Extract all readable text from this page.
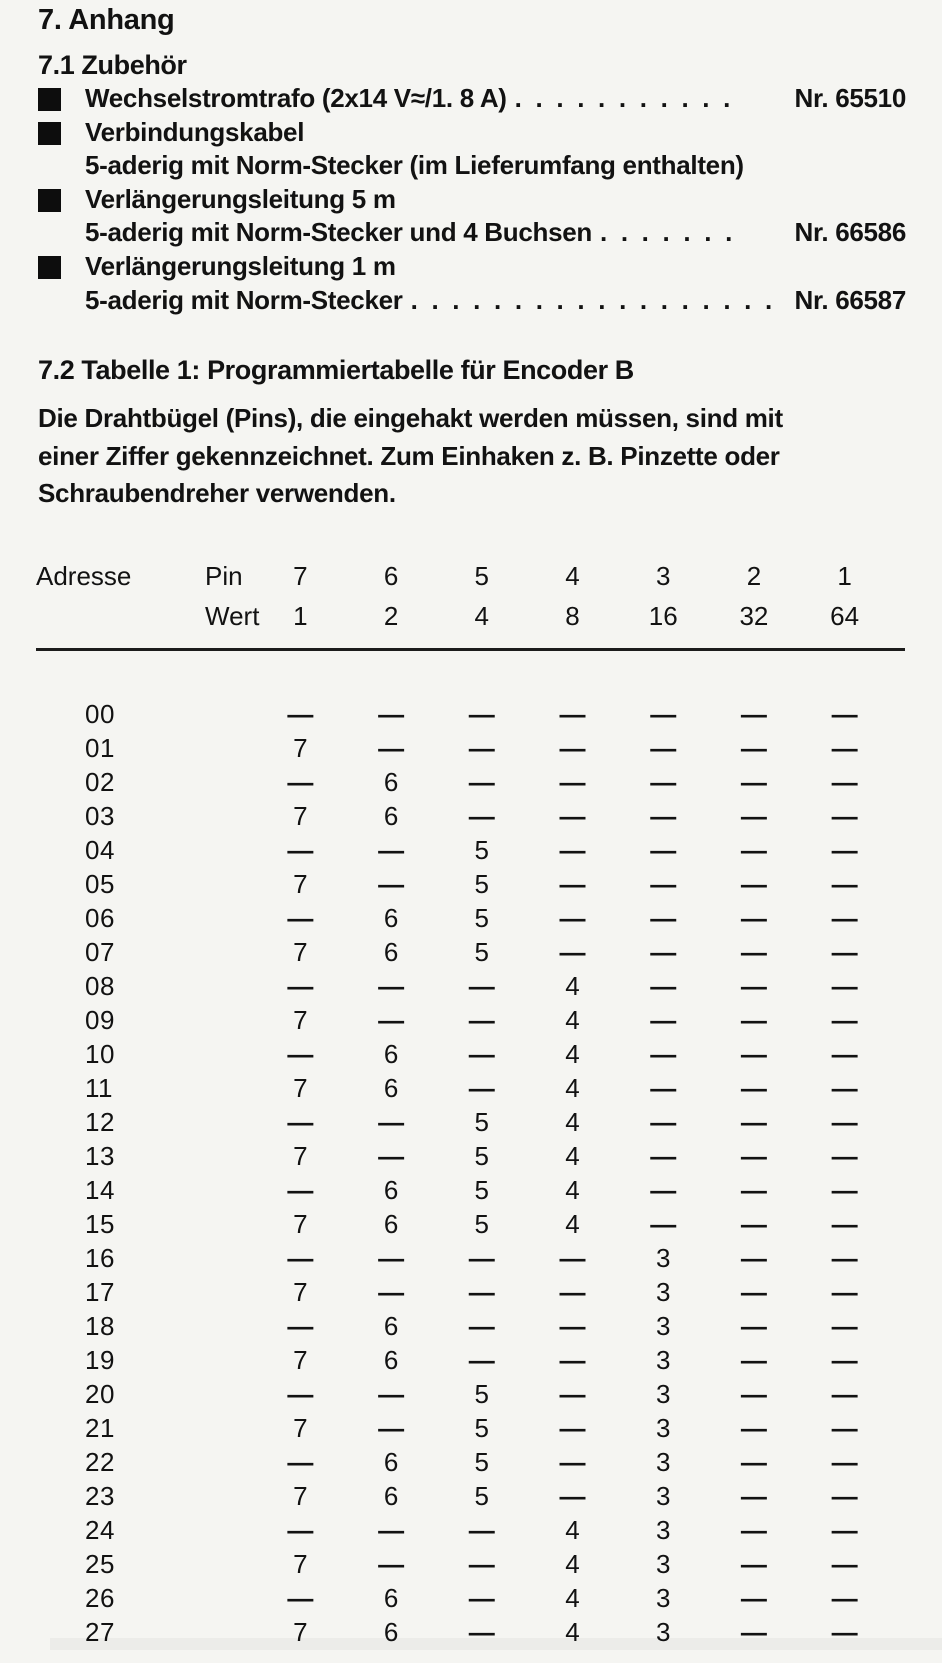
7. Anhang
7.1 Zubehör
Wechselstromtrafo (2x14 V≈/1. 8 A) . . . . . . . . . . .	Nr. 65510
Verbindungskabel
5-aderig mit Norm-Stecker (im Lieferumfang enthalten)
Verlängerungsleitung 5 m
5-aderig mit Norm-Stecker und 4 Buchsen . . . . . . .	Nr. 66586
Verlängerungsleitung 1 m
5-aderig mit Norm-Stecker . . . . . . . . . . . . . . . . . . Nr. 66587
7.2 Tabelle 1: Programmiertabelle für Encoder B
Die Drahtbügel (Pins), die eingehakt werden müssen, sind mit
einer Ziffer gekennzeichnet. Zum Einhaken z. B. Pinzette oder
Schraubendreher verwenden.
Adresse	Pin	7	6	5	4	3	2	1
Wert	1	2	4	8	16	32	64
00	—	—	—	—	—	—	—
01	7	—	—	—	—	—	—
02	—	6	—	—	—	—	—
03	7	6	—	—	—	—	—
04	—	—	5	—	—	—	—
05	7	—	5	—	—	—	—
06	—	6	5	—	—	—	—
07	7	6	5	—	—	—	—
08	—	—	—	4	—	—	—
09	7	—	—	4	—	—	—
10	—	6	—	4	—	—	—
11	7	6	—	4	—	—	—
12	—	—	5	4	—	—	—
13	7	—	5	4	—	—	—
14	—	6	5	4	—	—	—
15	7	6	5	4	—	—	—
16	—	—	—	—	3	—	—
17	7	—	—	—	3	—	—
18	—	6	—	—	3	—	—
19	7	6	—	—	3	—	—
20	—	—	5	—	3	—	—
21	7	—	5	—	3	—	—
22	—	6	5	—	3	—	—
23	7	6	5	—	3	—	—
24	—	—	—	4	3	—	—
25	7	—	—	4	3	—	—
26	—	6	—	4	3	—	—
27	7	6	—	4	3	—	—
